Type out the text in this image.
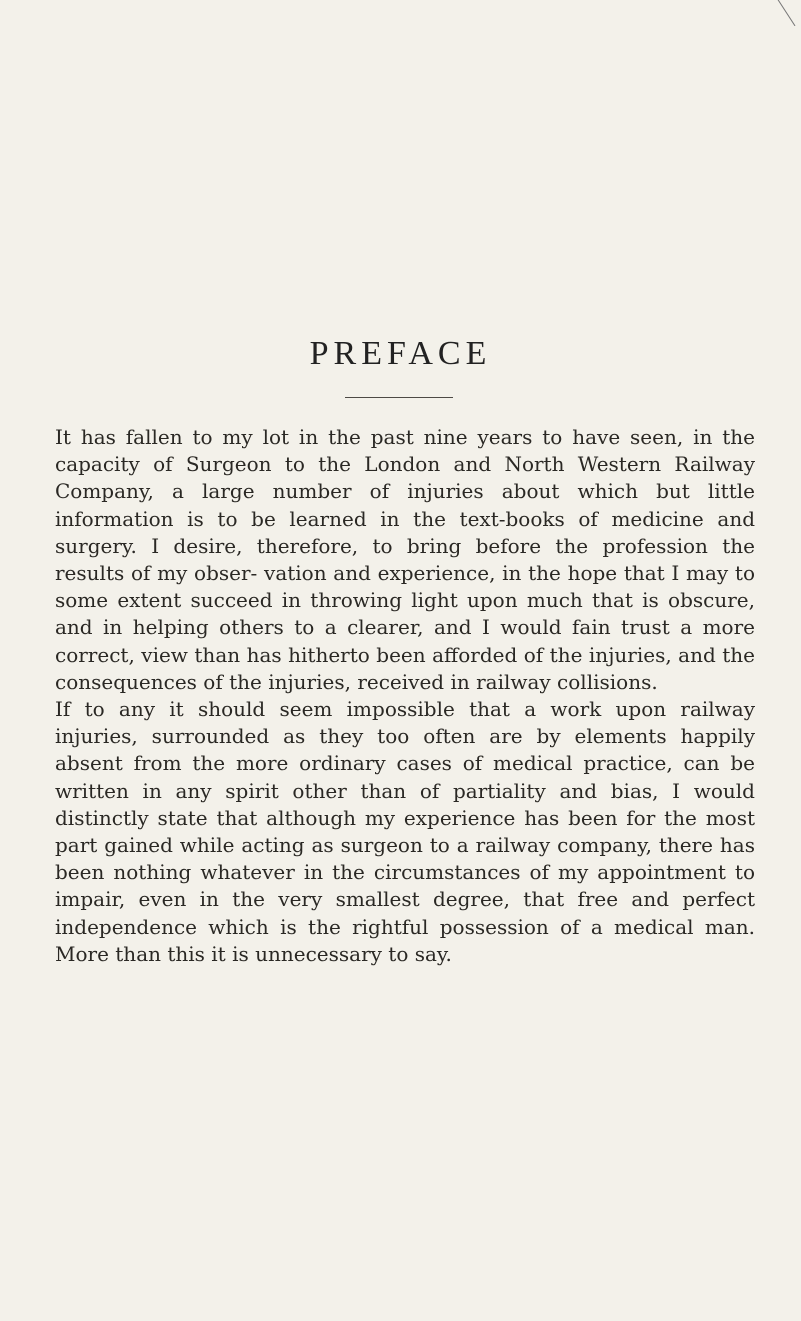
PREFACE

It has fallen to my lot in the past nine years to have seen, in the capacity of Surgeon to the London and North Western Railway Company, a large number of injuries about which but little information is to be learned in the text-books of medicine and surgery. I desire, therefore, to bring before the profession the results of my obser- vation and experience, in the hope that I may to some extent succeed in throwing light upon much that is obscure, and in helping others to a clearer, and I would fain trust a more correct, view than has hitherto been afforded of the injuries, and the consequences of the injuries, received in railway collisions.

If to any it should seem impossible that a work upon railway injuries, surrounded as they too often are by elements happily absent from the more ordinary cases of medical practice, can be written in any spirit other than of partiality and bias, I would distinctly state that although my experience has been for the most part gained while acting as surgeon to a railway company, there has been nothing whatever in the circumstances of my appointment to impair, even in the very smallest degree, that free and perfect independence which is the rightful possession of a medical man. More than this it is unnecessary to say.
